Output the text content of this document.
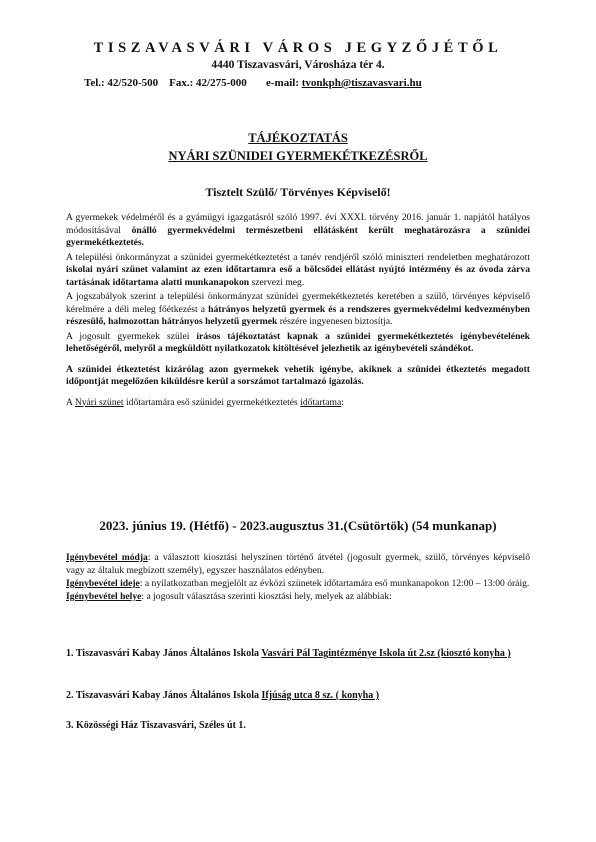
TISZAVASVÁRI VÁROS JEGYZŐJÉTŐL
4440 Tiszavasvári, Városháza tér 4.
Tel.: 42/520-500 Fax.: 42/275-000 e-mail: tvonkph@tiszavasvari.hu
TÁJÉKOZTATÁS
NYÁRI SZÜNIDEI GYERMEKÉTKEZÉSRŐL
Tisztelt Szülő/ Törvényes Képviselő!

A gyermekek védelméről és a gyámügyi igazgatásról szóló 1997. évi XXXI. törvény 2016. január 1. napjától hatályos módosításával önálló gyermekvédelmi természetbeni ellátásként került meghatározásra a szünidei gyermekétkeztetés.

A települési önkormányzat a szünidei gyermekétkeztetést a tanév rendjéről szóló miniszteri rendeletben meghatározott iskolai nyári szünet valamint az ezen időtartamra eső a bölcsődei ellátást nyújtó intézmény és az óvoda zárva tartásának időtartama alatti munkanapokon szervezi meg.

A jogszabályok szerint a települési önkormányzat szünidei gyermekétkeztetés keretében a szülő, törvényes képviselő kérelmére a déli meleg főétkezést a hátrányos helyzetű gyermek és a rendszeres gyermekvédelmi kedvezményben részesülő, halmozottan hátrányos helyzetű gyermek részére ingyenesen biztosítja.

A jogosult gyermekek szülei írásos tájékoztatást kapnak a szünidei gyermekétkeztetés igénybevételének lehetőségéről, melyről a megküldött nyilatkozatok kitöltésével jelezhetik az igénybevételi szándékot.

A szünidei étkeztetést kizárólag azon gyermekek vehetik igénybe, akiknek a szünidei étkeztetés megadott időpontját megelőzően kiküldésre kerül a sorszámot tartalmazó igazolás.

A Nyári szünet időtartamára eső szünidei gyermekétkeztetés időtartama:

2023. június 19. (Hétfő) - 2023.augusztus 31.(Csütörtök) (54 munkanap)

Igénybevétel módja: a választott kiosztási helyszínen történő átvétel (jogosult gyermek, szülő, törvényes képviselő vagy az általuk megbízott személy), egyszer használatos edényben.

Igénybevétel ideje: a nyilatkozatban megjelölt az évközi szünetek időtartamára eső munkanapokon 12:00 – 13:00 óráig.

Igénybevétel helye: a jogosult választása szerinti kiosztási hely, melyek az alábbiak:

1. Tiszavasvári Kabay János Általános Iskola Vasvári Pál Tagintézménye Iskola út 2.sz (kiosztó konyha )
2. Tiszavasvári Kabay János Általános Iskola Ifjúság utca 8 sz. ( konyha )
3. Közösségi Ház Tiszavasvári, Széles út 1.
